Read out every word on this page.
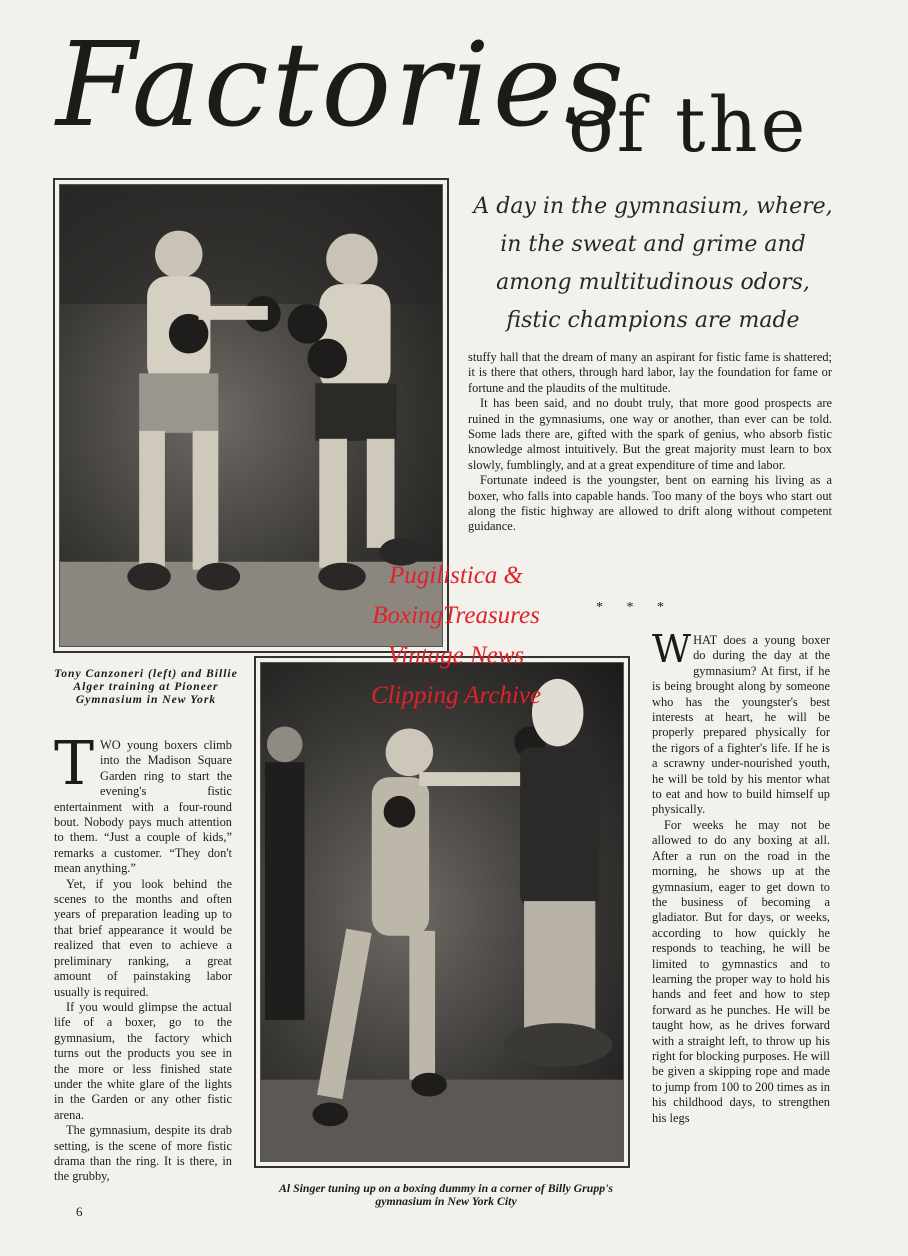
Factories
of the
A day in the gymnasium, where, in the sweat and grime and among multitudinous odors, fistic champions are made

stuffy hall that the dream of many an aspirant for fistic fame is shattered; it is there that others, through hard labor, lay the foundation for fame or fortune and the plaudits of the multitude.

It has been said, and no doubt truly, that more good prospects are ruined in the gymnasiums, one way or another, than ever can be told. Some lads there are, gifted with the spark of genius, who absorb fistic knowledge almost intuitively. But the great majority must learn to box slowly, fumblingly, and at a great expenditure of time and labor.

Fortunate indeed is the youngster, bent on earning his living as a boxer, who falls into capable hands. Too many of the boys who start out along the fistic highway are allowed to drift along without competent guidance.

* * *
Tony Canzoneri (left) and Billie Alger training at Pioneer Gymnasium in New York
T WO young boxers climb into the Madison Square Garden ring to start the evening's fistic entertainment with a four-round bout. Nobody pays much attention to them. “Just a couple of kids,” remarks a customer. “They don't mean anything.”

Yet, if you look behind the scenes to the months and often years of preparation leading up to that brief appearance it would be realized that even to achieve a preliminary ranking, a great amount of painstaking labor usually is required.

If you would glimpse the actual life of a boxer, go to the gymnasium, the factory which turns out the products you see in the more or less finished state under the white glare of the lights in the Garden or any other fistic arena.

The gymnasium, despite its drab setting, is the scene of more fistic drama than the ring. It is there, in the grubby,

W HAT does a young boxer do during the day at the gymnasium? At first, if he is being brought along by someone who has the youngster's best interests at heart, he will be properly prepared physically for the rigors of a fighter's life. If he is a scrawny under-nourished youth, he will be told by his mentor what to eat and how to build himself up physically.

For weeks he may not be allowed to do any boxing at all. After a run on the road in the morning, he shows up at the gymnasium, eager to get down to the business of becoming a gladiator. But for days, or weeks, according to how quickly he responds to teaching, he will be limited to gymnastics and to learning the proper way to hold his hands and feet and how to step forward as he punches. He will be taught how, as he drives forward with a straight left, to throw up his right for blocking purposes. He will be given a skipping rope and made to jump from 100 to 200 times as in his childhood days, to strengthen his legs

Al Singer tuning up on a boxing dummy in a corner of Billy Grupp's gymnasium in New York City
6
Pugilistica &
BoxingTreasures
Vintage News
Clipping Archive
